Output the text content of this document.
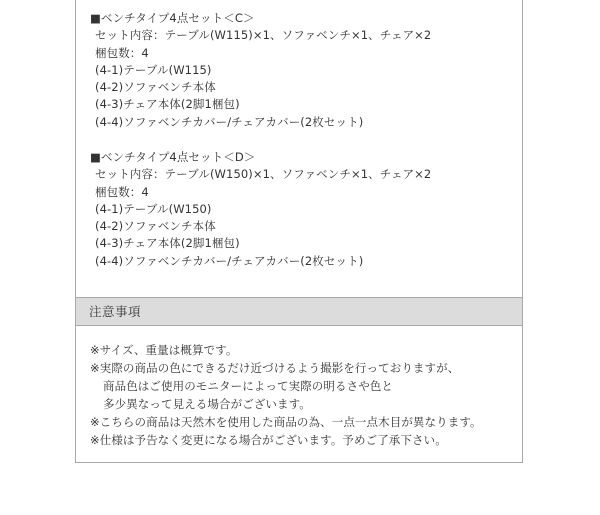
■ベンチタイプ4点セット＜C＞
セット内容：テーブル(W115)×1、ソファベンチ×1、チェア×2
梱包数：4
(4-1)テーブル(W115)
(4-2)ソファベンチ本体
(4-3)チェア本体(2脚1梱包)
(4-4)ソファベンチカバー/チェアカバー(2枚セット)
■ベンチタイプ4点セット＜D＞
セット内容：テーブル(W150)×1、ソファベンチ×1、チェア×2
梱包数：4
(4-1)テーブル(W150)
(4-2)ソファベンチ本体
(4-3)チェア本体(2脚1梱包)
(4-4)ソファベンチカバー/チェアカバー(2枚セット)
注意事項
※サイズ、重量は概算です。
※実際の商品の色にできるだけ近づけるよう撮影を行っておりますが、
商品色はご使用のモニターによって実際の明るさや色と
多少異なって見える場合がございます。
※こちらの商品は天然木を使用した商品の為、一点一点木目が異なります。
※仕様は予告なく変更になる場合がございます。予めご了承下さい。
